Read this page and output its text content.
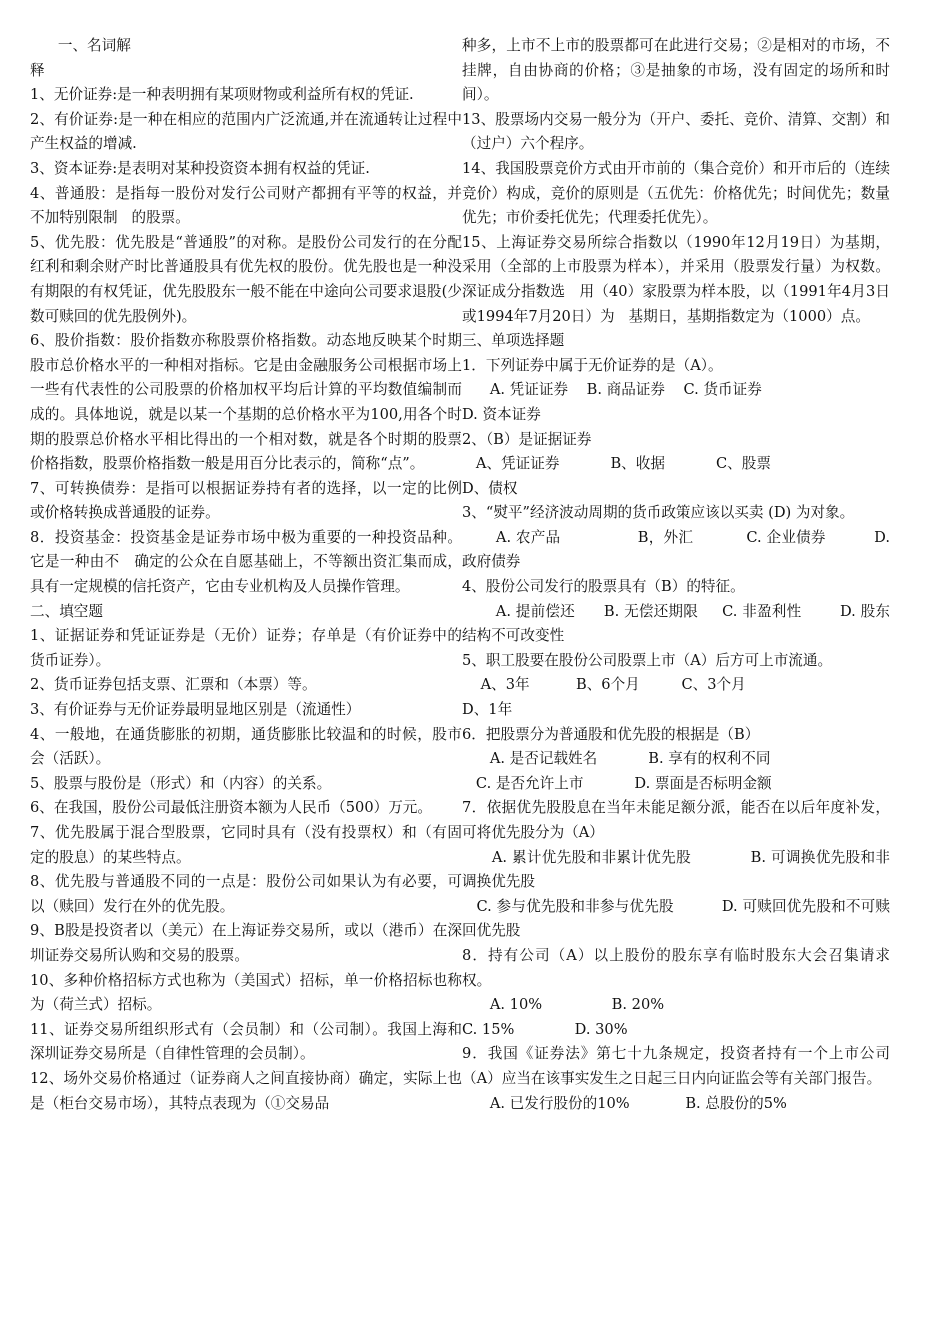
一、名词解

释

1、无价证券:是一种表明拥有某项财物或利益所有权的凭证.

2、有价证券:是一种在相应的范围内广泛流通,并在流通转让过程中产生权益的增减.

3、资本证券:是表明对某种投资资本拥有权益的凭证.

4、普通股：是指每一股份对发行公司财产都拥有平等的权益，并不加特别限制   的股票。

5、优先股：优先股是“普通股”的对称。是股份公司发行的在分配红利和剩余财产时比普通股具有优先权的股份。优先股也是一种没有期限的有权凭证，优先股股东一般不能在中途向公司要求退股(少数可赎回的优先股例外)。

6、股价指数：股价指数亦称股票价格指数。动态地反映某个时期股市总价格水平的一种相对指标。它是由金融服务公司根据市场上一些有代表性的公司股票的价格加权平均后计算的平均数值编制而成的。具体地说，就是以某一个基期的总价格水平为100,用各个时期的股票总价格水平相比得出的一个相对数，就是各个时期的股票价格指数，股票价格指数一般是用百分比表示的，简称“点”。

7、可转换债券：是指可以根据证券持有者的选择，以一定的比例或价格转换成普通股的证券。

8．投资基金：投资基金是证券市场中极为重要的一种投资品种。它是一种由不   确定的公众在自愿基础上，不等额出资汇集而成，具有一定规模的信托资产，它由专业机构及人员操作管理。

二、填空题

1、证据证券和凭证证券是（无价）证券；存单是（有价证券中的货币证券）。

2、货币证券包括支票、汇票和（本票）等。

3、有价证券与无价证券最明显地区别是（流通性）

4、一般地，在通货膨胀的初期，通货膨胀比较温和的时候，股市会（活跃）。

5、股票与股份是（形式）和（内容）的关系。

6、在我国，股份公司最低注册资本额为人民币（500）万元。

7、优先股属于混合型股票，它同时具有（没有投票权）和（有固定的股息）的某些特点。

8、优先股与普通股不同的一点是：股份公司如果认为有必要，可以（赎回）发行在外的优先股。

9、B股是投资者以（美元）在上海证券交易所，或以（港币）在深圳证券交易所认购和交易的股票。

10、多种价格招标方式也称为（美国式）招标，单一价格招标也称为（荷兰式）招标。

11、证券交易所组织形式有（会员制）和（公司制）。我国上海和深圳证券交易所是（自律性管理的会员制）。

12、场外交易价格通过（证券商人之间直接协商）确定，实际上也是（柜台交易市场），其特点表现为（①交易品

种多，上市不上市的股票都可在此进行交易；②是相对的市场，不挂牌，自由协商的价格；③是抽象的市场，没有固定的场所和时间）。

13、股票场内交易一般分为（开户、委托、竞价、清算、交割）和（过户）六个程序。

14、我国股票竞价方式由开市前的（集合竞价）和开市后的（连续竞价）构成，竞价的原则是（五优先：价格优先；时间优先；数量优先；市价委托优先；代理委托优先）。

15、上海证券交易所综合指数以（1990年12月19日）为基期，采用（全部的上市股票为样本），并采用（股票发行量）为权数。深证成分指数选   用（40）家股票为样本股，以（1991年4月3日或1994年7月20日）为   基期日，基期指数定为（1000）点。

三、单项选择题

1．下列证券中属于无价证券的是（A）。

A. 凭证证券    B. 商品证券    C. 货币证券

D. 资本证券

2、（B）是证据证券

A、凭证证券           B、收据           C、股票

D、债权

3、“熨平”经济波动周期的货币政策应该以买卖 (D) 为对象。

A. 农产品                B，外汇           C. 企业债券          D. 政府债券

4、股份公司发行的股票具有（B）的特征。

A. 提前偿还      B. 无偿还期限     C. 非盈利性        D. 股东结构不可改变性

5、职工股要在股份公司股票上市（A）后方可上市流通。

A、3年          B、6个月         C、3个月

D、1年

6．把股票分为普通股和优先股的根据是（B）

A. 是否记载姓名           B. 享有的权利不同

C. 是否允许上市           D. 票面是否标明金额

7．依据优先股股息在当年未能足额分派，能否在以后年度补发，可将优先股分为（A）

A. 累计优先股和非累计优先股            B. 可调换优先股和非调换优先股

C. 参与优先股和非参与优先股          D. 可赎回优先股和不可赎回优先股

8．持有公司（A）以上股份的股东享有临时股东大会召集请求权。

A. 10%               B. 20%

C. 15%             D. 30%

9．我国《证券法》第七十九条规定，投资者持有一个上市公司（A）应当在该事实发生之日起三日内向证监会等有关部门报告。

A. 已发行股份的10%            B. 总股份的5%
